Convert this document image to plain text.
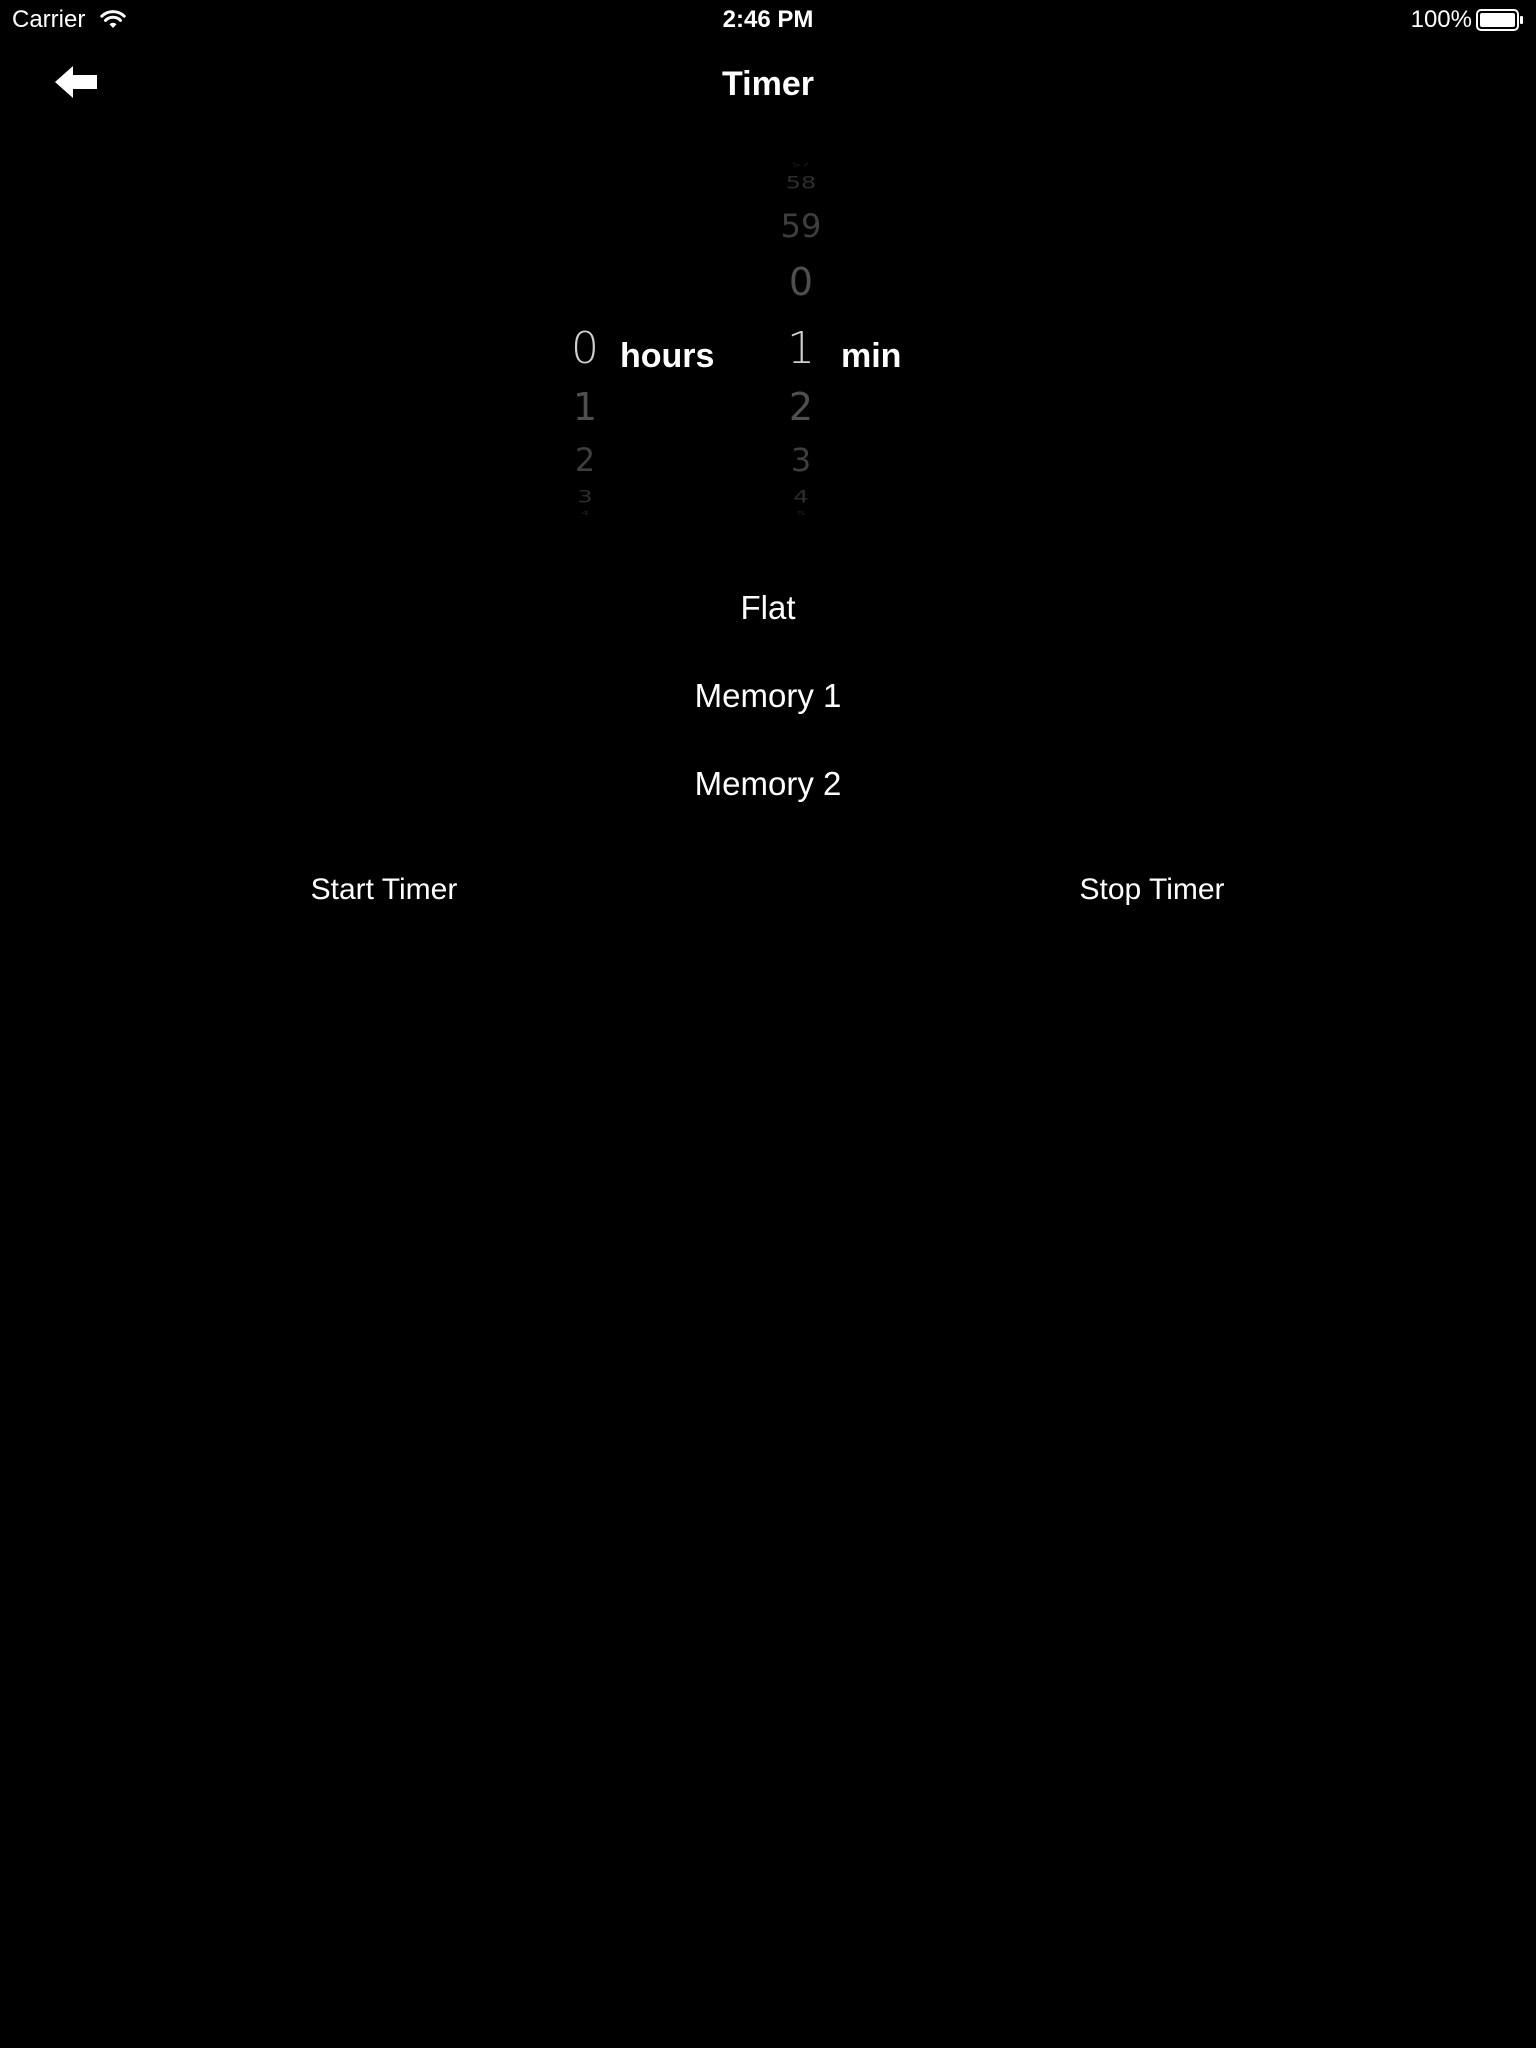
Carrier	2:46 PM	100%
Timer
0
1
2
3
4
hours
57
58
59
0
1
2
3
4
5
min
Flat
Memory 1
Memory 2
Start Timer	Stop Timer
